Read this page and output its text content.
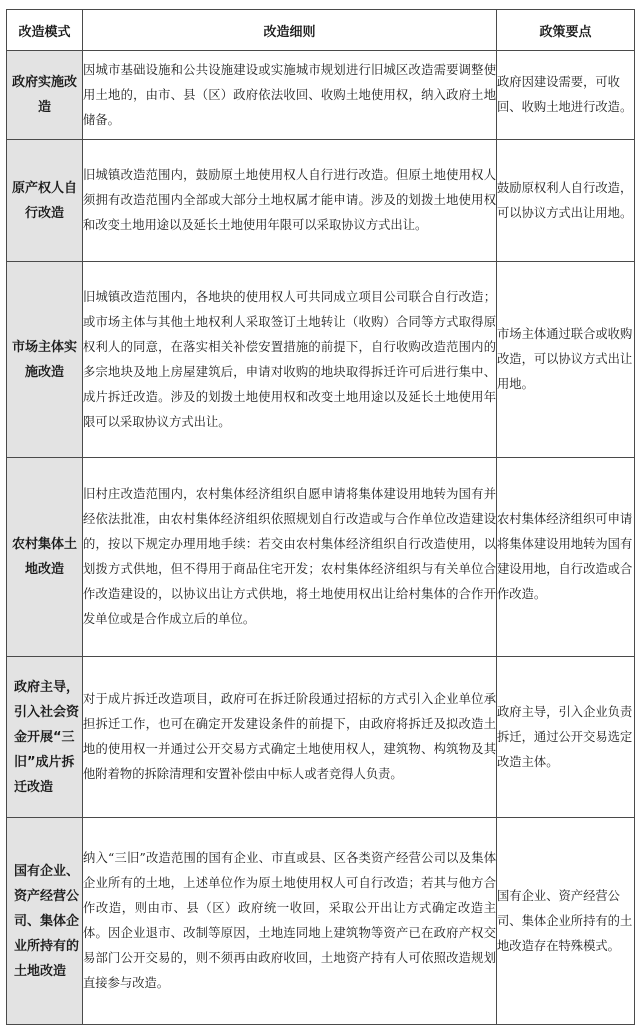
改造模式	改造细则	政策要点
政府实施改造	因城市基础设施和公共设施建设或实施城市规划进行旧城区改造需要调整使用土地的，由市、县（区）政府依法收回、收购土地使用权，纳入政府土地储备。	政府因建设需要，可收回、收购土地进行改造。
原产权人自行改造	旧城镇改造范围内，鼓励原土地使用权人自行进行改造。但原土地使用权人须拥有改造范围内全部或大部分土地权属才能申请。涉及的划拨土地使用权和改变土地用途以及延长土地使用年限可以采取协议方式出让。	鼓励原权利人自行改造，可以协议方式出让用地。
市场主体实施改造	旧城镇改造范围内，各地块的使用权人可共同成立项目公司联合自行改造；或市场主体与其他土地权利人采取签订土地转让（收购）合同等方式取得原权利人的同意，在落实相关补偿安置措施的前提下，自行收购改造范围内的多宗地块及地上房屋建筑后，申请对收购的地块取得拆迁许可后进行集中、成片拆迁改造。涉及的划拨土地使用权和改变土地用途以及延长土地使用年限可以采取协议方式出让。	市场主体通过联合或收购改造，可以协议方式出让用地。
农村集体土地改造	旧村庄改造范围内，农村集体经济组织自愿申请将集体建设用地转为国有并经依法批准，由农村集体经济组织依照规划自行改造或与合作单位改造建设的，按以下规定办理用地手续：若交由农村集体经济组织自行改造使用，以划拨方式供地，但不得用于商品住宅开发；农村集体经济组织与有关单位合作改造建设的，以协议出让方式供地，将土地使用权出让给村集体的合作开发单位或是合作成立后的单位。	农村集体经济组织可申请将集体建设用地转为国有建设用地，自行改造或合作改造。
政府主导，引入社会资金开展“三旧”成片拆迁改造	对于成片拆迁改造项目，政府可在拆迁阶段通过招标的方式引入企业单位承担拆迁工作，也可在确定开发建设条件的前提下，由政府将拆迁及拟改造土地的使用权一并通过公开交易方式确定土地使用权人，建筑物、构筑物及其他附着物的拆除清理和安置补偿由中标人或者竞得人负责。	政府主导，引入企业负责拆迁，通过公开交易选定改造主体。
国有企业、资产经营公司、集体企业所持有的土地改造	纳入“三旧”改造范围的国有企业、市直或县、区各类资产经营公司以及集体企业所有的土地，上述单位作为原土地使用权人可自行改造；若其与他方合作改造，则由市、县（区）政府统一收回，采取公开出让方式确定改造主体。因企业退市、改制等原因，土地连同地上建筑物等资产已在政府产权交易部门公开交易的，则不须再由政府收回，土地资产持有人可依照改造规划直接参与改造。	国有企业、资产经营公司、集体企业所持有的土地改造存在特殊模式。
